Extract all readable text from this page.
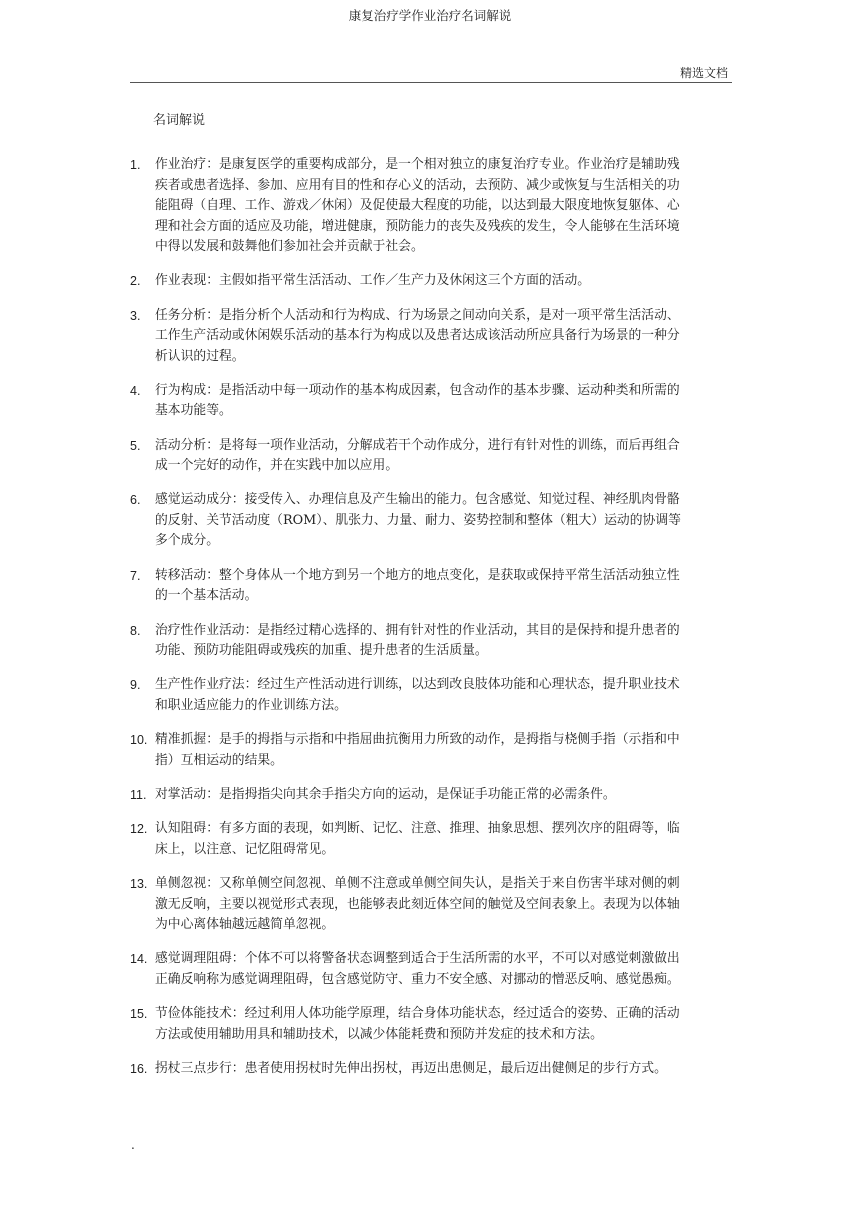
康复治疗学作业治疗名词解说
精选文档
名词解说
1. 作业治疗：是康复医学的重要构成部分，是一个相对独立的康复治疗专业。作业治疗是辅助残疾者或患者选择、参加、应用有目的性和存心义的活动，去预防、减少或恢复与生活相关的功能阻碍（自理、工作、游戏／休闲）及促使最大程度的功能，以达到最大限度地恢复躯体、心理和社会方面的适应及功能，增进健康，预防能力的丧失及残疾的发生，令人能够在生活环境中得以发展和鼓舞他们参加社会并贡献于社会。
2. 作业表现：主假如指平常生活活动、工作／生产力及休闲这三个方面的活动。
3. 任务分析：是指分析个人活动和行为构成、行为场景之间动向关系，是对一项平常生活活动、工作生产活动或休闲娱乐活动的基本行为构成以及患者达成该活动所应具备行为场景的一种分析认识的过程。
4. 行为构成：是指活动中每一项动作的基本构成因素，包含动作的基本步骤、运动种类和所需的基本功能等。
5. 活动分析：是将每一项作业活动，分解成若干个动作成分，进行有针对性的训练，而后再组合成一个完好的动作，并在实践中加以应用。
6. 感觉运动成分：接受传入、办理信息及产生输出的能力。包含感觉、知觉过程、神经肌肉骨骼的反射、关节活动度（ROM）、肌张力、力量、耐力、姿势控制和整体（粗大）运动的协调等多个成分。
7. 转移活动：整个身体从一个地方到另一个地方的地点变化，是获取或保持平常生活活动独立性的一个基本活动。
8. 治疗性作业活动：是指经过精心选择的、拥有针对性的作业活动，其目的是保持和提升患者的功能、预防功能阻碍或残疾的加重、提升患者的生活质量。
9. 生产性作业疗法：经过生产性活动进行训练，以达到改良肢体功能和心理状态，提升职业技术和职业适应能力的作业训练方法。
10. 精准抓握：是手的拇指与示指和中指屈曲抗衡用力所致的动作，是拇指与桡侧手指（示指和中指）互相运动的结果。
11. 对掌活动：是指拇指尖向其余手指尖方向的运动，是保证手功能正常的必需条件。
12. 认知阻碍：有多方面的表现，如判断、记忆、注意、推理、抽象思想、摆列次序的阻碍等，临床上，以注意、记忆阻碍常见。
13. 单侧忽视：又称单侧空间忽视、单侧不注意或单侧空间失认，是指关于来自伤害半球对侧的刺激无反响，主要以视觉形式表现，也能够表此刻近体空间的触觉及空间表象上。表现为以体轴为中心离体轴越远越简单忽视。
14. 感觉调理阻碍：个体不可以将警备状态调整到适合于生活所需的水平，不可以对感觉刺激做出正确反响称为感觉调理阻碍，包含感觉防守、重力不安全感、对挪动的憎恶反响、感觉愚痴。
15. 节俭体能技术：经过利用人体功能学原理，结合身体功能状态，经过适合的姿势、正确的活动方法或使用辅助用具和辅助技术，以减少体能耗费和预防并发症的技术和方法。
16. 拐杖三点步行：患者使用拐杖时先伸出拐杖，再迈出患侧足，最后迈出健侧足的步行方式。
.
